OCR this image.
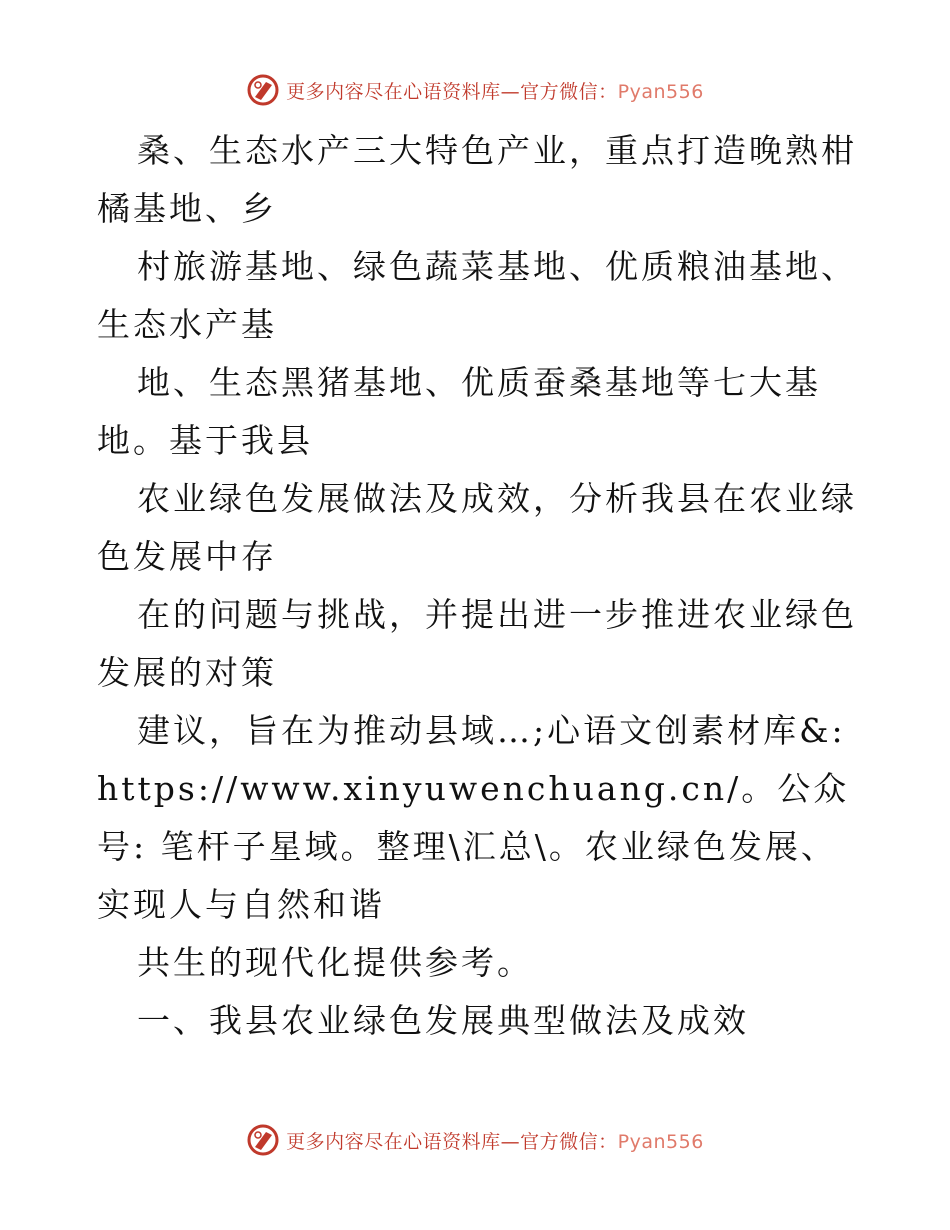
更多内容尽在心语资料库—官方微信：Pyan556

桑、生态水产三大特色产业，重点打造晚熟柑橘基地、乡

村旅游基地、绿色蔬菜基地、优质粮油基地、生态水产基

地、生态黑猪基地、优质蚕桑基地等七大基地。基于我县

农业绿色发展做法及成效，分析我县在农业绿色发展中存

在的问题与挑战，并提出进一步推进农业绿色发展的对策

建议，旨在为推动县域…;心语文创素材库&: https://www.xinyuwenchuang.cn/。公众号: 笔杆子星域。整理\汇总\。农业绿色发展、实现人与自然和谐

共生的现代化提供参考。

一、我县农业绿色发展典型做法及成效

更多内容尽在心语资料库—官方微信：Pyan556
